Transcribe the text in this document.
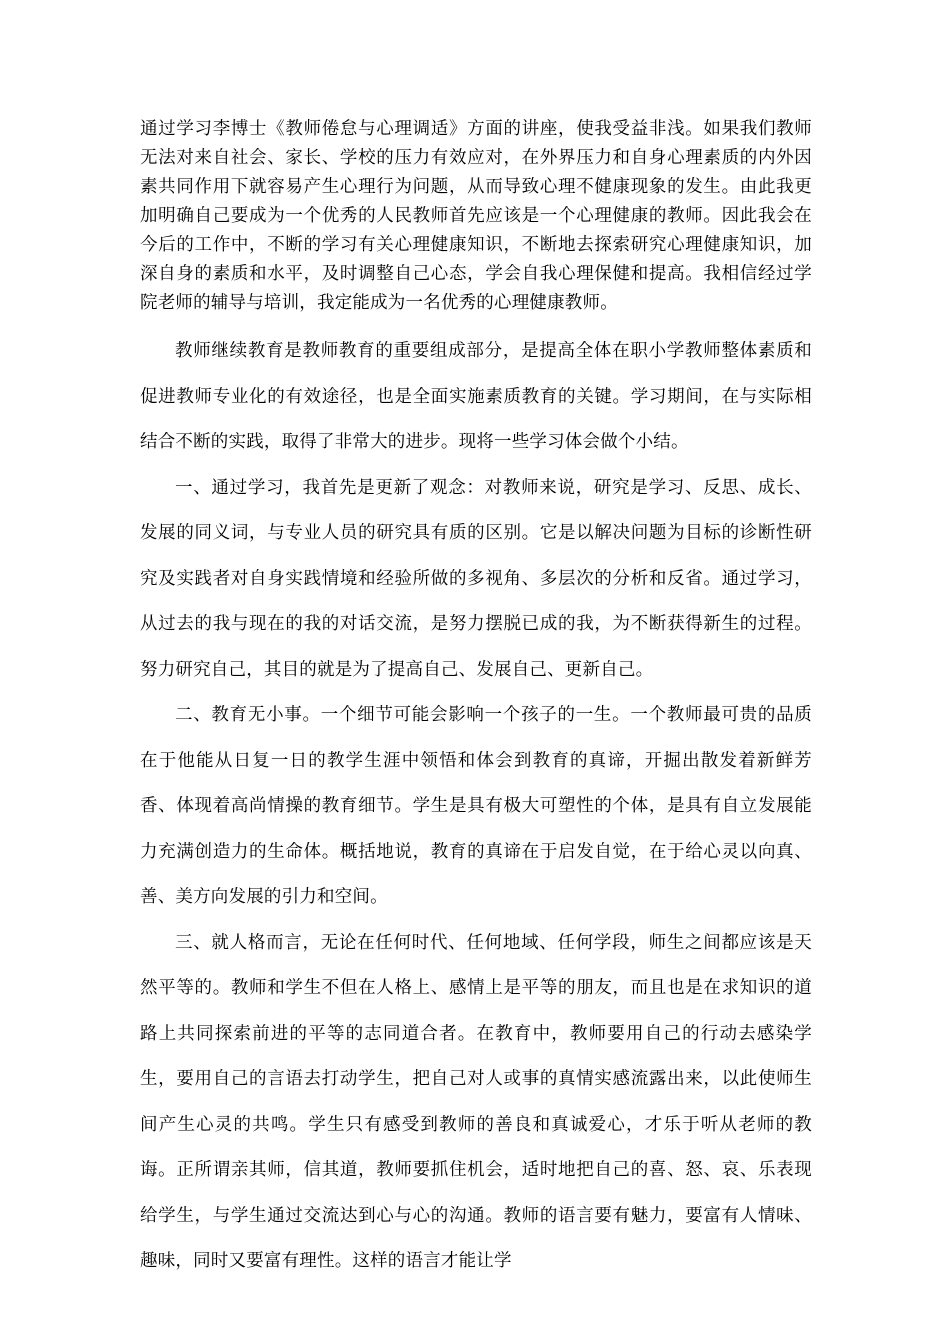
通过学习李博士《教师倦怠与心理调适》方面的讲座，使我受益非浅。如果我们教师无法对来自社会、家长、学校的压力有效应对，在外界压力和自身心理素质的内外因素共同作用下就容易产生心理行为问题，从而导致心理不健康现象的发生。由此我更加明确自己要成为一个优秀的人民教师首先应该是一个心理健康的教师。因此我会在今后的工作中，不断的学习有关心理健康知识，不断地去探索研究心理健康知识，加深自身的素质和水平，及时调整自己心态，学会自我心理保健和提高。我相信经过学院老师的辅导与培训，我定能成为一名优秀的心理健康教师。

教师继续教育是教师教育的重要组成部分，是提高全体在职小学教师整体素质和促进教师专业化的有效途径，也是全面实施素质教育的关键。学习期间，在与实际相结合不断的实践，取得了非常大的进步。现将一些学习体会做个小结。

一、通过学习，我首先是更新了观念：对教师来说，研究是学习、反思、成长、发展的同义词，与专业人员的研究具有质的区别。它是以解决问题为目标的诊断性研究及实践者对自身实践情境和经验所做的多视角、多层次的分析和反省。通过学习，从过去的我与现在的我的对话交流，是努力摆脱已成的我，为不断获得新生的过程。努力研究自己，其目的就是为了提高自己、发展自己、更新自己。

二、教育无小事。一个细节可能会影响一个孩子的一生。一个教师最可贵的品质在于他能从日复一日的教学生涯中领悟和体会到教育的真谛，开掘出散发着新鲜芳香、体现着高尚情操的教育细节。学生是具有极大可塑性的个体，是具有自立发展能力充满创造力的生命体。概括地说，教育的真谛在于启发自觉，在于给心灵以向真、善、美方向发展的引力和空间。

三、就人格而言，无论在任何时代、任何地域、任何学段，师生之间都应该是天然平等的。教师和学生不但在人格上、感情上是平等的朋友，而且也是在求知识的道路上共同探索前进的平等的志同道合者。在教育中，教师要用自己的行动去感染学生，要用自己的言语去打动学生，把自己对人或事的真情实感流露出来，以此使师生间产生心灵的共鸣。学生只有感受到教师的善良和真诚爱心，才乐于听从老师的教诲。正所谓亲其师，信其道，教师要抓住机会，适时地把自己的喜、怒、哀、乐表现给学生，与学生通过交流达到心与心的沟通。教师的语言要有魅力，要富有人情味、趣味，同时又要富有理性。这样的语言才能让学
